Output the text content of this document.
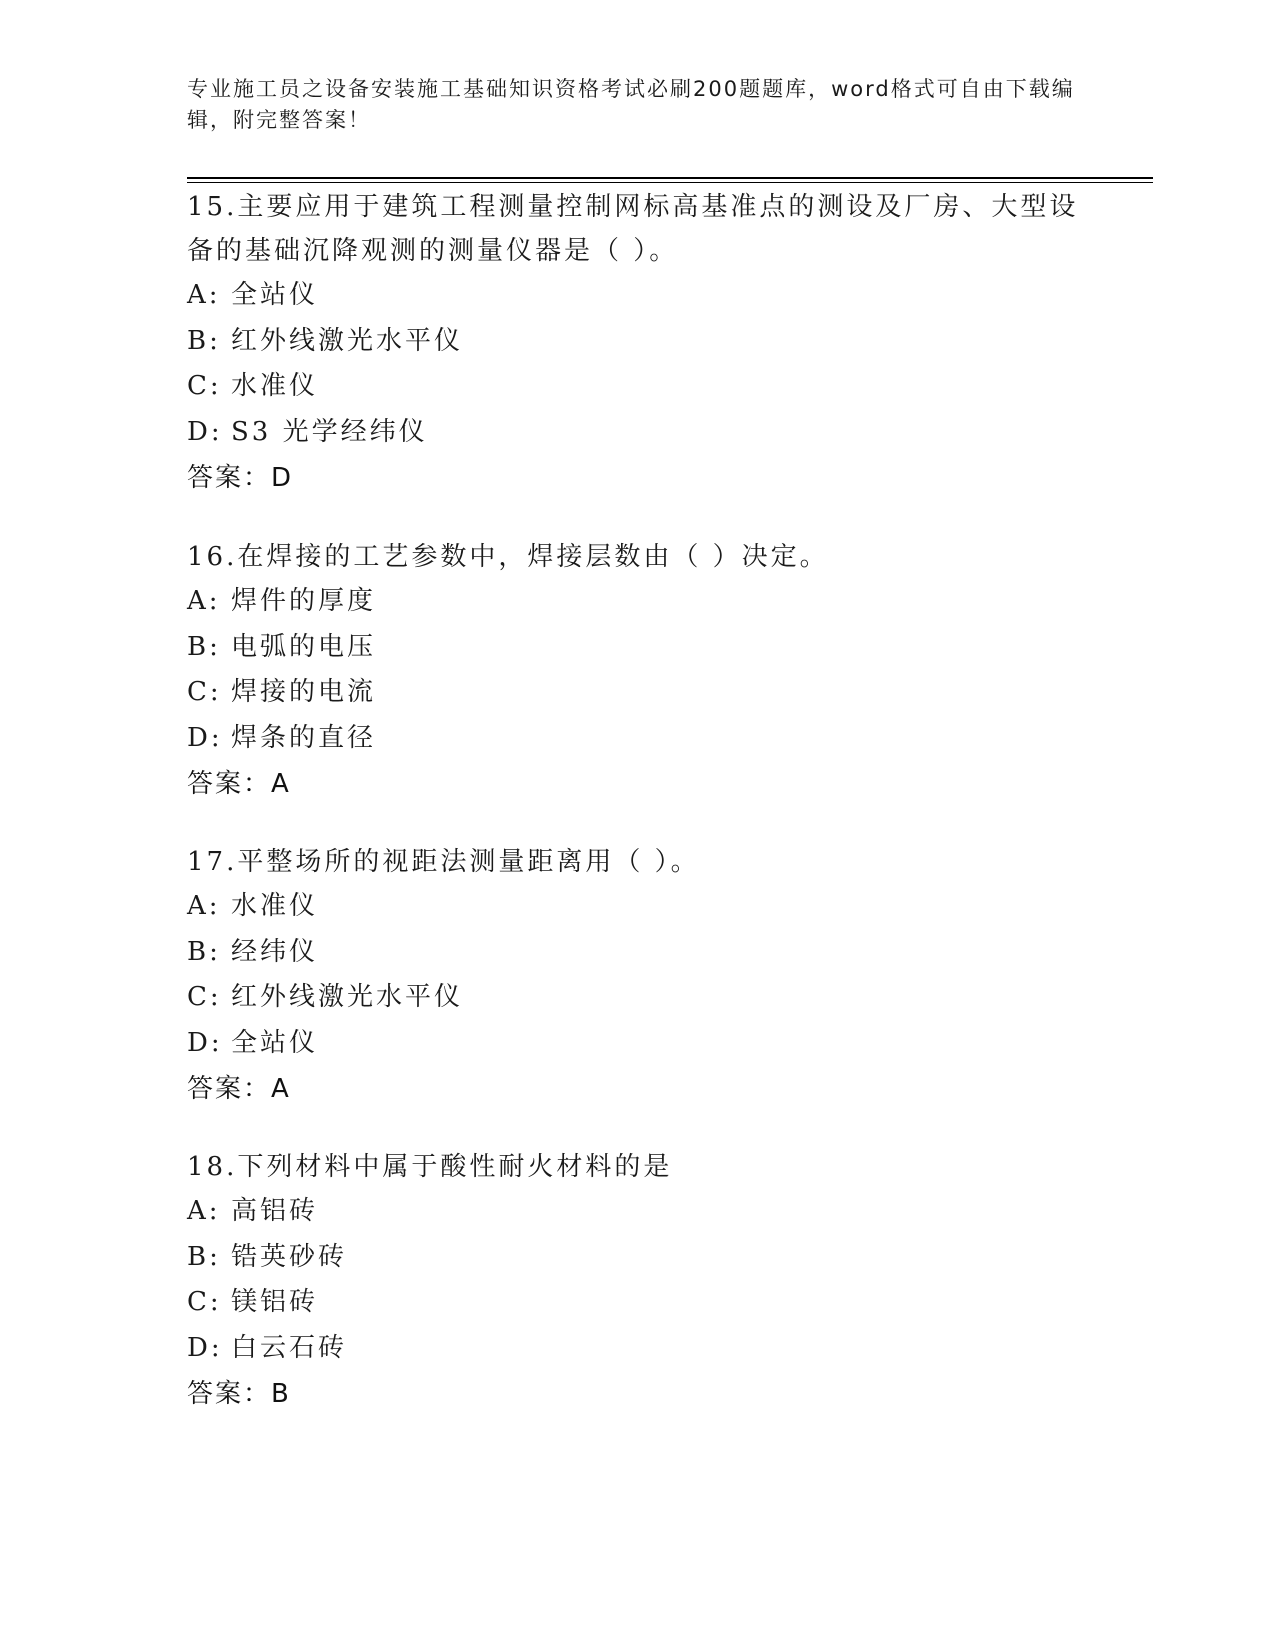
专业施工员之设备安装施工基础知识资格考试必刷200题题库，word格式可自由下载编辑，附完整答案！

15.主要应用于建筑工程测量控制网标高基准点的测设及厂房、大型设备的基础沉降观测的测量仪器是（ ）。

A: 全站仪

B: 红外线激光水平仪

C: 水准仪

D: S3 光学经纬仪

答案：D

16.在焊接的工艺参数中，焊接层数由（ ）决定。

A: 焊件的厚度

B: 电弧的电压

C: 焊接的电流

D: 焊条的直径

答案：A

17.平整场所的视距法测量距离用（ ）。

A: 水准仪

B: 经纬仪

C: 红外线激光水平仪

D: 全站仪

答案：A

18.下列材料中属于酸性耐火材料的是

A: 高铝砖

B: 锆英砂砖

C: 镁铝砖

D: 白云石砖

答案：B
